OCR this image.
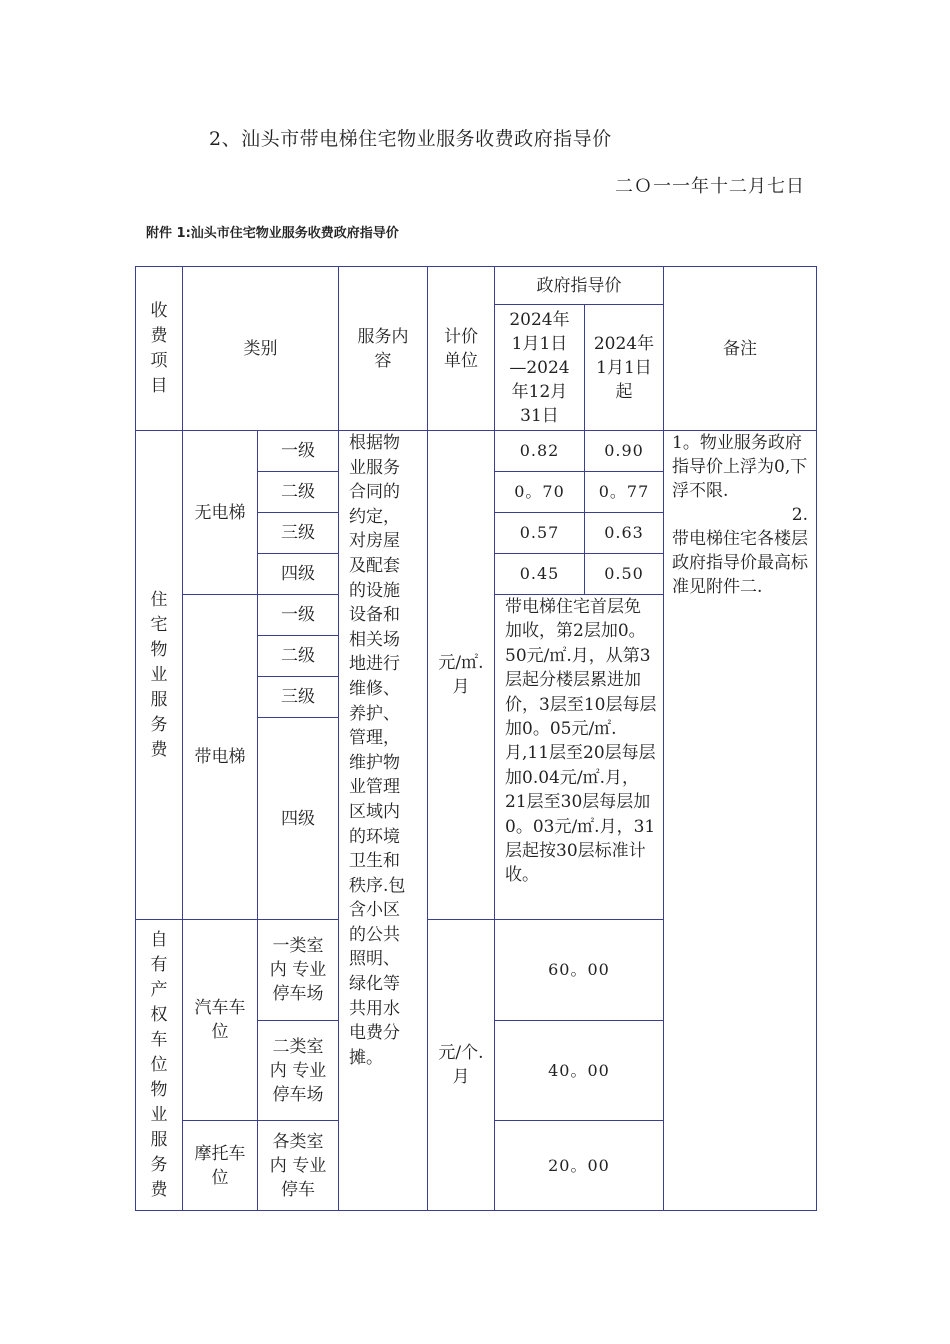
2、汕头市带电梯住宅物业服务收费政府指导价
二Ｏ一一年十二月七日
附件 1:汕头市住宅物业服务收费政府指导价
收费项目	类别		服务内容	计价单位	政府指导价		备注

					2024年1月1日—2024年12月31日	2024年1月1日起	

住宅物业服务费	无电梯	一级	根据物业服务合同的约定，对房屋及配套的设施设备和相关场地进行维修、养护、管理，维护物业管理区域内的环境卫生和秩序.包含小区的公共照明、绿化等共用水电费分摊。	元/㎡.月	0.82	0.90	1。物业服务政府指导价上浮为0,下浮不限.
2.
带电梯住宅各楼层政府指导价最高标准见附件二.

		二级			0。70	0。77	
		三级			0.57	0.63	
		四级			0.45	0.50	
	带电梯	一级			带电梯住宅首层免加收，第2层加0。50元/㎡.月，从第3层起分楼层累进加价，3层至10层每层加0。05元/㎡.月,11层至20层每层加0.04元/㎡.月，21层至30层每层加0。03元/㎡.月，31层起按30层标准计收。		

		二级					
		三级					
		四级					

自有产权车位物业服务费	汽车车位	一类室内 专业停车场		元/个.月	60。00		

		二类室内 专业停车场			40。00		

	摩托车位	各类室内 专业停车			20。00		
